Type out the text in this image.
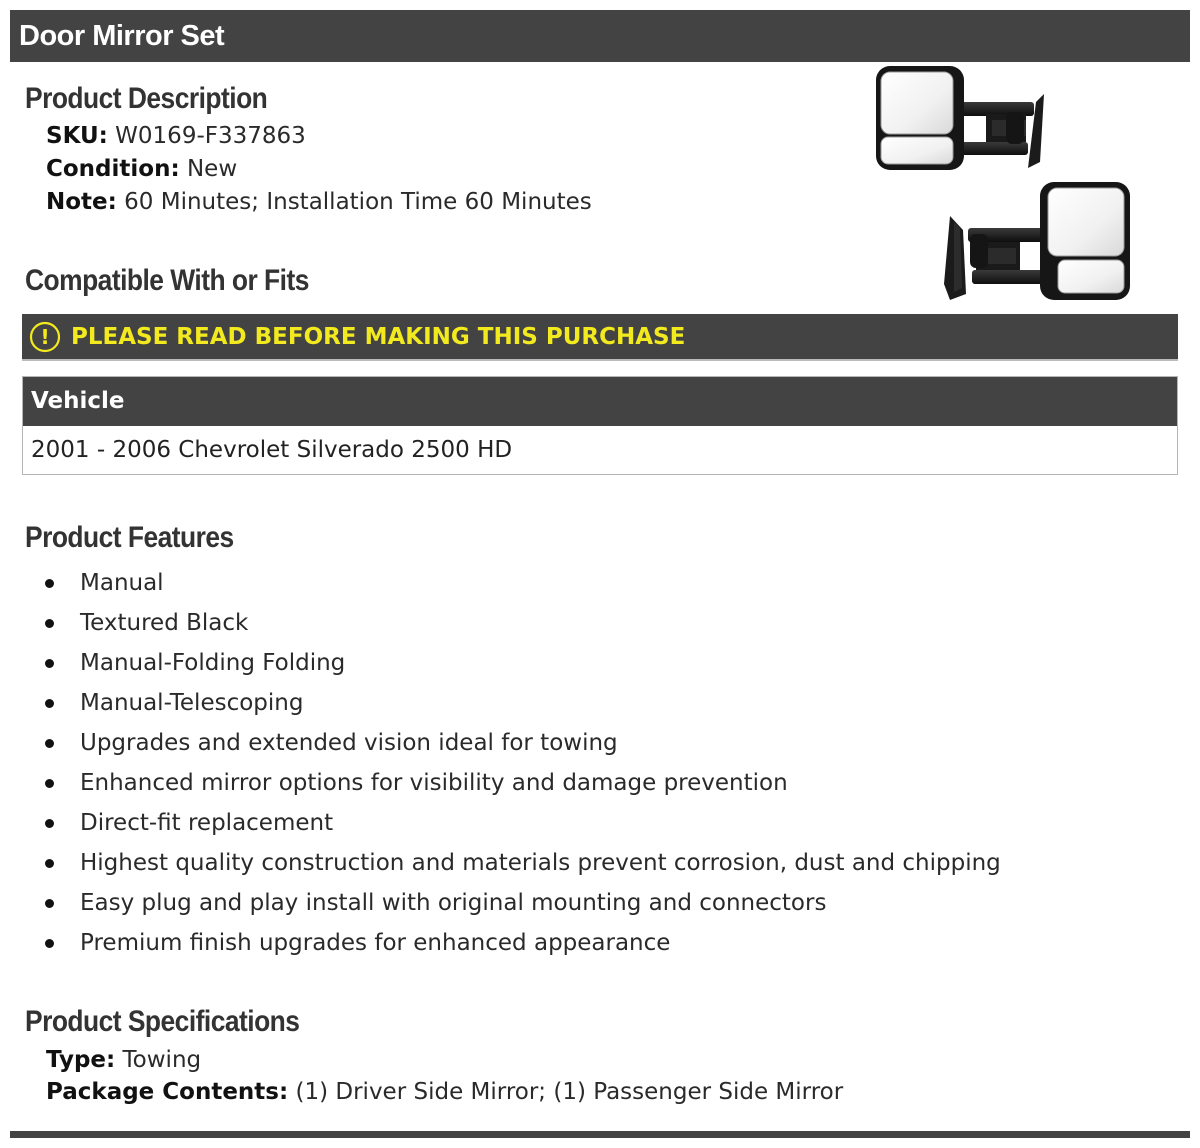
Door Mirror Set
Product Description
SKU: W0169-F337863
Condition: New
Note: 60 Minutes; Installation Time 60 Minutes
Compatible With or Fits
! PLEASE READ BEFORE MAKING THIS PURCHASE
Vehicle
2001 - 2006 Chevrolet Silverado 2500 HD
Product Features
Manual
Textured Black
Manual-Folding Folding
Manual-Telescoping
Upgrades and extended vision ideal for towing
Enhanced mirror options for visibility and damage prevention
Direct-fit replacement
Highest quality construction and materials prevent corrosion, dust and chipping
Easy plug and play install with original mounting and connectors
Premium finish upgrades for enhanced appearance
Product Specifications
Type: Towing
Package Contents: (1) Driver Side Mirror; (1) Passenger Side Mirror
